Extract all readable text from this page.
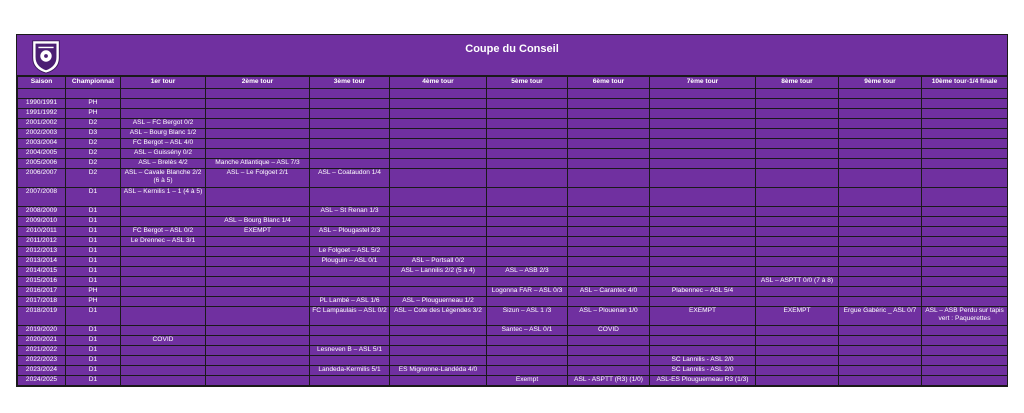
Coupe du Conseil
Saison	Championnat	1er tour	2ème tour	3ème tour	4ème tour	5ème tour	6ème tour	7ème tour	8ème tour	9ème tour	10ème tour-1/4 finale

1990/1991	PH										
1991/1992	PH										
2001/2002	D2	ASL – FC Bergot 0/2									
2002/2003	D3	ASL – Bourg Blanc 1/2									
2003/2004	D2	FC Bergot – ASL 4/0									
2004/2005	D2	ASL – Guissény 0/2									
2005/2006	D2	ASL – Brelès 4/2	Manche Atlantique – ASL 7/3								
2006/2007	D2	ASL – Cavale Blanche 2/2 (6 à 5)	ASL – Le Folgoet 2/1	ASL – Coataudon 1/4							
2007/2008	D1	ASL – Kernilis 1 – 1 (4 à 5)									
2008/2009	D1			ASL – St Renan 1/3							
2009/2010	D1		ASL – Bourg Blanc 1/4								
2010/2011	D1	FC Bergot – ASL 0/2	EXEMPT	ASL – Plougastel 2/3							
2011/2012	D1	Le Drennec – ASL 3/1									
2012/2013	D1			Le Folgoet – ASL 5/2							
2013/2014	D1			Plouguin – ASL 0/1	ASL – Portsall 0/2						
2014/2015	D1				ASL – Lannilis 2/2 (5 à 4)	ASL – ASB 2/3					
2015/2016	D1								ASL – ASPTT 0/0 (7 à 8)		
2016/2017	PH					Logonna FAR – ASL 0/3	ASL – Carantec 4/0	Plabennec – ASL 5/4			
2017/2018	PH			PL Lambé – ASL 1/6	ASL – Plouguerneau 1/2						
2018/2019	D1			FC Lampaulais – ASL 0/2	ASL – Cote des Légendes 3/2	Sizun – ASL 1 /3	ASL – Plouenan 1/0	EXEMPT	EXEMPT	Ergue Gabéric _ ASL 0/7	ASL – ASB Perdu sur tapis vert : Paquerettes
2019/2020	D1					Santec – ASL 0/1	COVID				
2020/2021	D1	COVID									
2021/2022	D1			Lesneven B – ASL 5/1							
2022/2023	D1							SC Lannilis - ASL 2/0			
2023/2024	D1			Landeda-Kermilis 5/1	ES Mignonne-Landéda 4/0			SC Lannilis - ASL 2/0			
2024/2025	D1					Exempt	ASL - ASPTT (R3) (1/0)	ASL-ES Plouguerneau R3 (1/3)			
